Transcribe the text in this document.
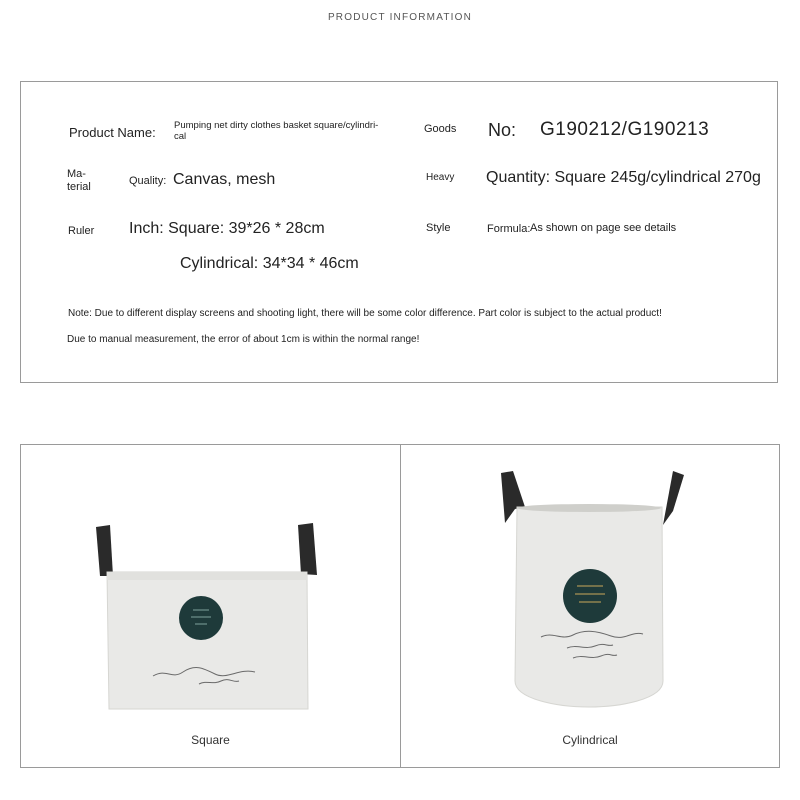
PRODUCT INFORMATION
Product Name: Pumping net dirty clothes basket square/cylindri-
cal
Goods No: G190212/G190213
Ma-
terial	Quality: Canvas, mesh	Heavy Quantity: Square 245g/cylindrical 270g
Ruler Inch: Square: 39*26 * 28cm	Style	Formula: As shown on page see details
Cylindrical: 34*34 * 46cm
Note: Due to different display screens and shooting light, there will be some color difference. Part color is subject to the actual product!
Due to manual measurement, the error of about 1cm is within the normal range!
Square	Cylindrical
